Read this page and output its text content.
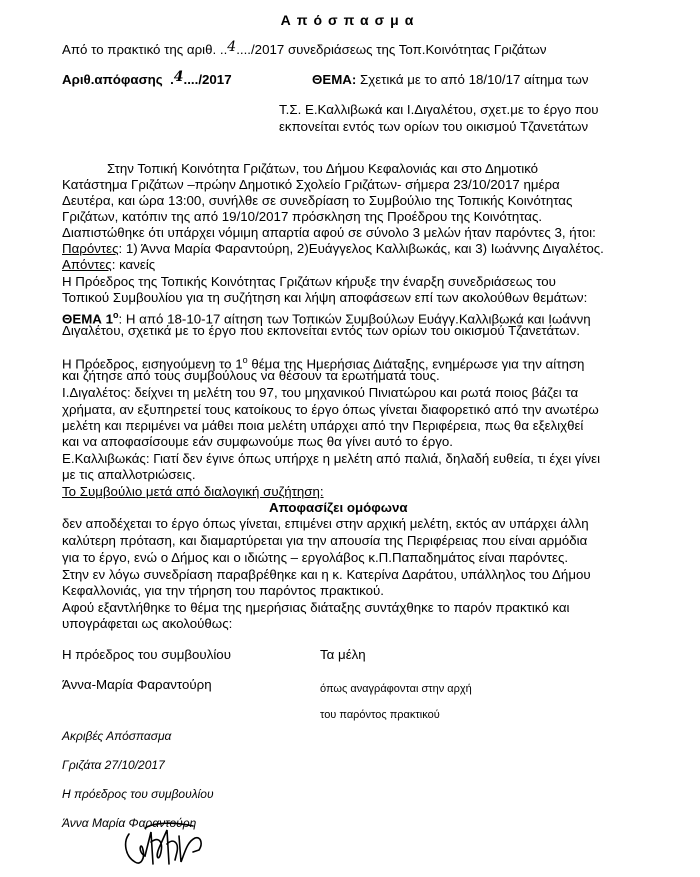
Απόσπασμα
Από το πρακτικό της αριθ. ..4..../2017 συνεδριάσεως της Τοπ.Κοινότητας Γριζάτων
Αριθ.απόφασης .4..../2017	ΘΕΜΑ: Σχετικά με το από 18/10/17 αίτημα των
Τ.Σ. Ε.Καλλιβωκά και Ι.Διγαλέτου, σχετ.με το έργο που
εκπονείται εντός των ορίων του οικισμού Τζανετάτων
Στην Τοπική Κοινότητα Γριζάτων, του Δήμου Κεφαλονιάς και στο Δημοτικό
Κατάστημα Γριζάτων –πρώην Δημοτικό Σχολείο Γριζάτων- σήμερα 23/10/2017 ημέρα
Δευτέρα, και ώρα 13:00, συνήλθε σε συνεδρίαση το Συμβούλιο της Τοπικής Κοινότητας
Γριζάτων, κατόπιν της από 19/10/2017 πρόσκληση της Προέδρου της Κοινότητας.
Διαπιστώθηκε ότι υπάρχει νόμιμη απαρτία αφού σε σύνολο 3 μελών ήταν παρόντες 3, ήτοι:
Παρόντες: 1) Άννα Μαρία Φαραντούρη, 2)Ευάγγελος Καλλιβωκάς, και 3) Ιωάννης Διγαλέτος.
Απόντες: κανείς
Η Πρόεδρος της Τοπικής Κοινότητας Γριζάτων κήρυξε την έναρξη συνεδριάσεως του
Τοπικού Συμβουλίου για τη συζήτηση και λήψη αποφάσεων επί των ακολούθων θεμάτων:
ΘΕΜΑ $1^o$: Η από 18-10-17 αίτηση των Τοπικών Συμβούλων Ευάγγ.Καλλιβωκά και Ιωάννη
Διγαλέτου, σχετικά με το έργο που εκπονείται εντός των ορίων του οικισμού Τζανετάτων.
Η Πρόεδρος, εισηγούμενη το $1^o$ θέμα της Ημερήσιας Διάταξης, ενημέρωσε για την αίτηση
και ζήτησε από τους συμβούλους να θέσουν τα ερωτήματά τους.
Ι.Διγαλέτος: δείχνει τη μελέτη του 97, του μηχανικού Πινιατώρου και ρωτά ποιος βάζει τα
χρήματα, αν εξυπηρετεί τους κατοίκους το έργο όπως γίνεται διαφορετικό από την ανωτέρω
μελέτη και περιμένει να μάθει ποια μελέτη υπάρχει από την Περιφέρεια, πως θα εξελιχθεί
και να αποφασίσουμε εάν συμφωνούμε πως θα γίνει αυτό το έργο.
Ε.Καλλιβωκάς: Γιατί δεν έγινε όπως υπήρχε η μελέτη από παλιά, δηλαδή ευθεία, τι έχει γίνει
με τις απαλλοτριώσεις.
Το Συμβούλιο μετά από διαλογική συζήτηση:
Αποφασίζει ομόφωνα
δεν αποδέχεται το έργο όπως γίνεται, επιμένει στην αρχική μελέτη, εκτός αν υπάρχει άλλη
καλύτερη πρόταση, και διαμαρτύρεται για την απουσία της Περιφέρειας που είναι αρμόδια
για το έργο, ενώ ο Δήμος και ο ιδιώτης – εργολάβος κ.Π.Παπαδημάτος είναι παρόντες.
Στην εν λόγω συνεδρίαση παραβρέθηκε και η κ. Κατερίνα Δαράτου, υπάλληλος του Δήμου
Κεφαλλονιάς, για την τήρηση του παρόντος πρακτικού.
Αφού εξαντλήθηκε το θέμα της ημερήσιας διάταξης συντάχθηκε το παρόν πρακτικό και
υπογράφεται ως ακολούθως:
Η πρόεδρος του συμβουλίου	Τα μέλη
Άννα-Μαρία Φαραντούρη	όπως αναγράφονται στην αρχή
του παρόντος πρακτικού
Ακριβές Απόσπασμα
Γριζάτα 27/10/2017
Η πρόεδρος του συμβουλίου
Άννα Μαρία Φαραντούρη
